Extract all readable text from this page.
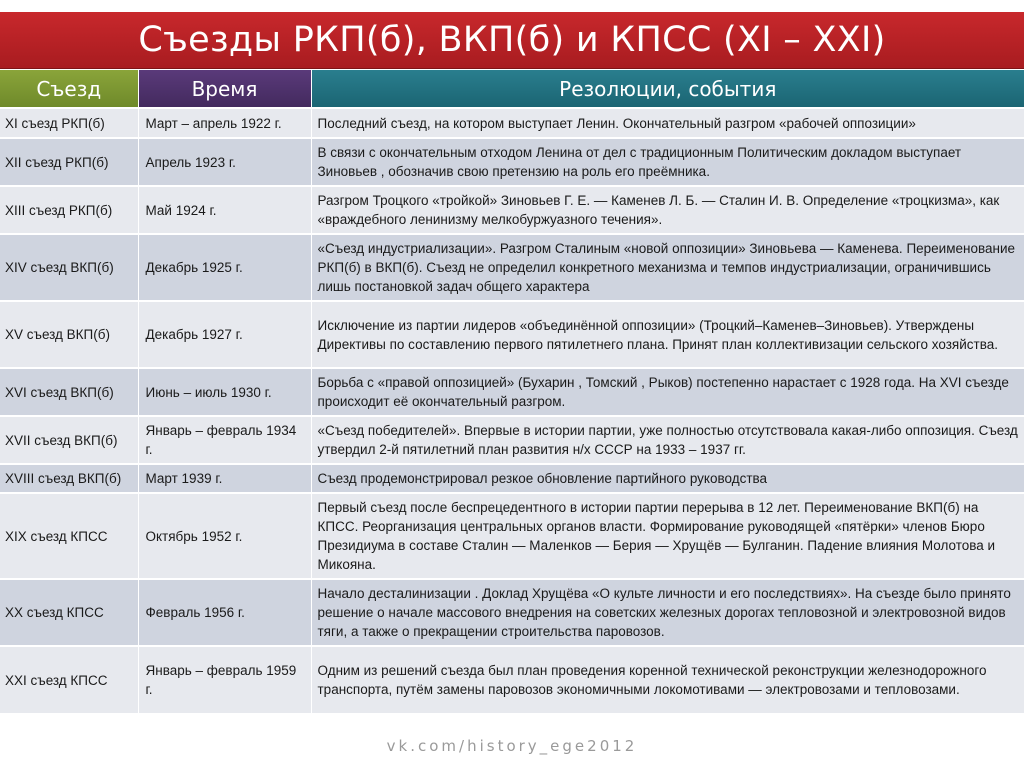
Съезды РКП(б), ВКП(б) и КПСС (XI – XXI)
Съезд	Время	Резолюции, события
XI съезд РКП(б)	Март – апрель 1922 г.	Последний съезд, на котором выступает Ленин. Окончательный разгром «рабочей оппозиции»
XII съезд РКП(б)	Апрель 1923 г.	В связи с окончательным отходом Ленина от дел с традиционным Политическим докладом выступает Зиновьев , обозначив свою претензию на роль его преёмника.
XIII съезд РКП(б)	Май 1924 г.	Разгром Троцкого «тройкой» Зиновьев Г. Е. — Каменев Л. Б. — Сталин И. В. Определение «троцкизма», как «враждебного ленинизму мелкобуржуазного течения».
XIV съезд ВКП(б)	Декабрь 1925 г.	«Съезд индустриализации». Разгром Сталиным «новой оппозиции» Зиновьева — Каменева. Переименование РКП(б) в ВКП(б). Съезд не определил конкретного механизма и темпов индустриализации, ограничившись лишь постановкой задач общего характера
XV съезд ВКП(б)	Декабрь 1927 г.	Исключение из партии лидеров «объединённой оппозиции» (Троцкий–Каменев–Зиновьев). Утверждены Директивы по составлению первого пятилетнего плана. Принят план коллективизации сельского хозяйства.
XVI съезд ВКП(б)	Июнь – июль 1930 г.	Борьба с «правой оппозицией» (Бухарин , Томский , Рыков) постепенно нарастает с 1928 года. На XVI съезде происходит её окончательный разгром.
XVII съезд ВКП(б)	Январь – февраль 1934 г.	«Съезд победителей». Впервые в истории партии, уже полностью отсутствовала какая-либо оппозиция. Съезд утвердил 2-й пятилетний план развития н/х СССР на 1933 – 1937 гг.
XVIII съезд ВКП(б)	Март 1939 г.	Съезд продемонстрировал резкое обновление партийного руководства
XIX съезд КПСС	Октябрь 1952 г.	Первый съезд после беспрецедентного в истории партии перерыва в 12 лет. Переименование ВКП(б) на КПСС. Реорганизация центральных органов власти. Формирование руководящей «пятёрки» членов Бюро Президиума в составе Сталин — Маленков — Берия — Хрущёв — Булганин. Падение влияния Молотова и Микояна.
XX съезд КПСС	Февраль 1956 г.	Начало десталинизации . Доклад Хрущёва «О культе личности и его последствиях». На съезде было принято решение о начале массового внедрения на советских железных дорогах тепловозной и электровозной видов тяги, а также о прекращении строительства паровозов.
XXI съезд КПСС	Январь – февраль 1959 г.	Одним из решений съезда был план проведения коренной технической реконструкции железнодорожного транспорта, путём замены паровозов экономичными локомотивами — электровозами и тепловозами.
vk.com/history_ege2012
